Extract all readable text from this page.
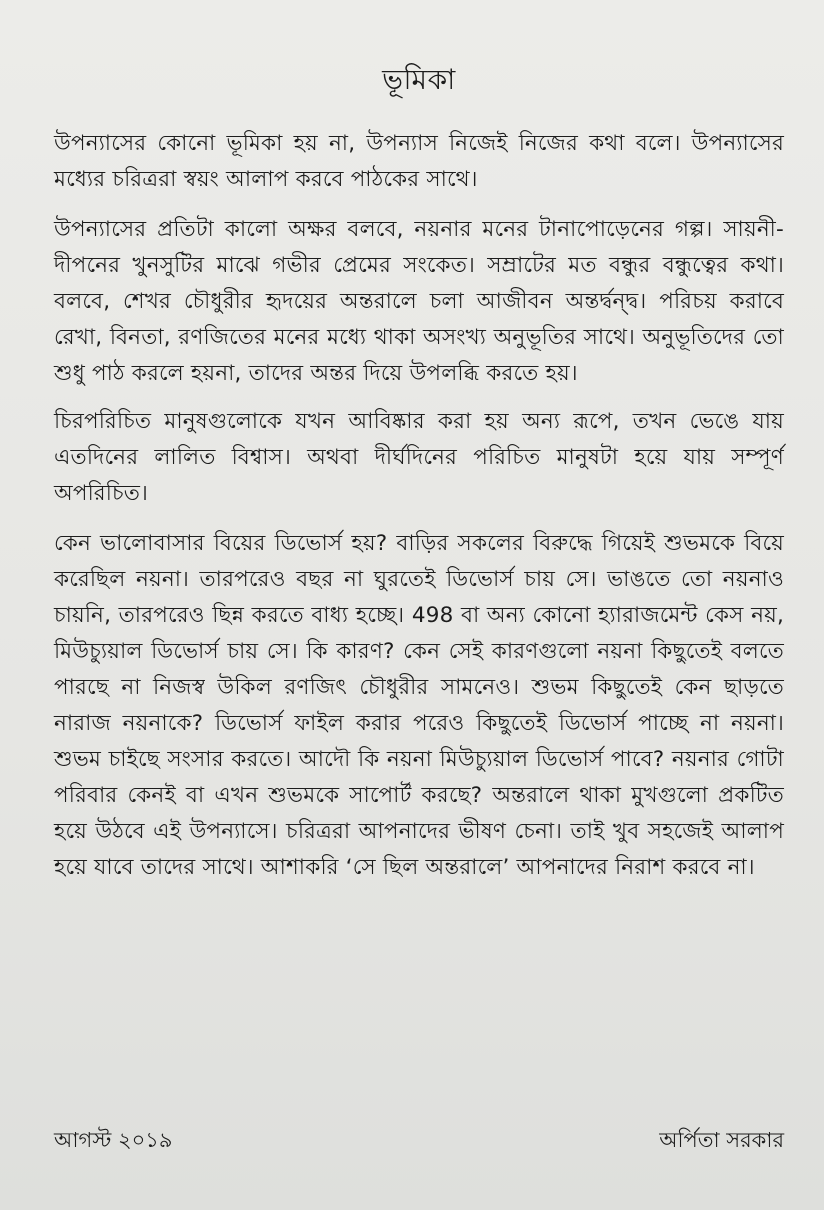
ভূমিকা

উপন্যাসের কোনো ভূমিকা হয় না, উপন্যাস নিজেই নিজের কথা বলে। উপন্যাসের মধ্যের চরিত্ররা স্বয়ং আলাপ করবে পাঠকের সাথে।

উপন্যাসের প্রতিটা কালো অক্ষর বলবে, নয়নার মনের টানাপোড়েনের গল্প। সায়নী-দীপনের খুনসুটির মাঝে গভীর প্রেমের সংকেত। সম্রাটের মত বন্ধুর বন্ধুত্বের কথা। বলবে, শেখর চৌধুরীর হৃদয়ের অন্তরালে চলা আজীবন অন্তর্দ্বন্দ্ব। পরিচয় করাবে রেখা, বিনতা, রণজিতের মনের মধ্যে থাকা অসংখ্য অনুভূতির সাথে। অনুভূতিদের তো শুধু পাঠ করলে হয়না, তাদের অন্তর দিয়ে উপলব্ধি করতে হয়।

চিরপরিচিত মানুষগুলোকে যখন আবিষ্কার করা হয় অন্য রূপে, তখন ভেঙে যায় এতদিনের লালিত বিশ্বাস। অথবা দীর্ঘদিনের পরিচিত মানুষটা হয়ে যায় সম্পূর্ণ অপরিচিত।

কেন ভালোবাসার বিয়ের ডিভোর্স হয়? বাড়ির সকলের বিরুদ্ধে গিয়েই শুভমকে বিয়ে করেছিল নয়না। তারপরেও বছর না ঘুরতেই ডিভোর্স চায় সে। ভাঙতে তো নয়নাও চায়নি, তারপরেও ছিন্ন করতে বাধ্য হচ্ছে। 498 বা অন্য কোনো হ্যারাজমেন্ট কেস নয়, মিউচ্যুয়াল ডিভোর্স চায় সে। কি কারণ? কেন সেই কারণগুলো নয়না কিছুতেই বলতে পারছে না নিজস্ব উকিল রণজিৎ চৌধুরীর সামনেও। শুভম কিছুতেই কেন ছাড়তে নারাজ নয়নাকে? ডিভোর্স ফাইল করার পরেও কিছুতেই ডিভোর্স পাচ্ছে না নয়না। শুভম চাইছে সংসার করতে। আদৌ কি নয়না মিউচ্যুয়াল ডিভোর্স পাবে? নয়নার গোটা পরিবার কেনই বা এখন শুভমকে সাপোর্ট করছে? অন্তরালে থাকা মুখগুলো প্রকটিত হয়ে উঠবে এই উপন্যাসে। চরিত্ররা আপনাদের ভীষণ চেনা। তাই খুব সহজেই আলাপ হয়ে যাবে তাদের সাথে। আশাকরি ‘সে ছিল অন্তরালে’ আপনাদের নিরাশ করবে না।

আগস্ট ২০১৯	অর্পিতা সরকার
